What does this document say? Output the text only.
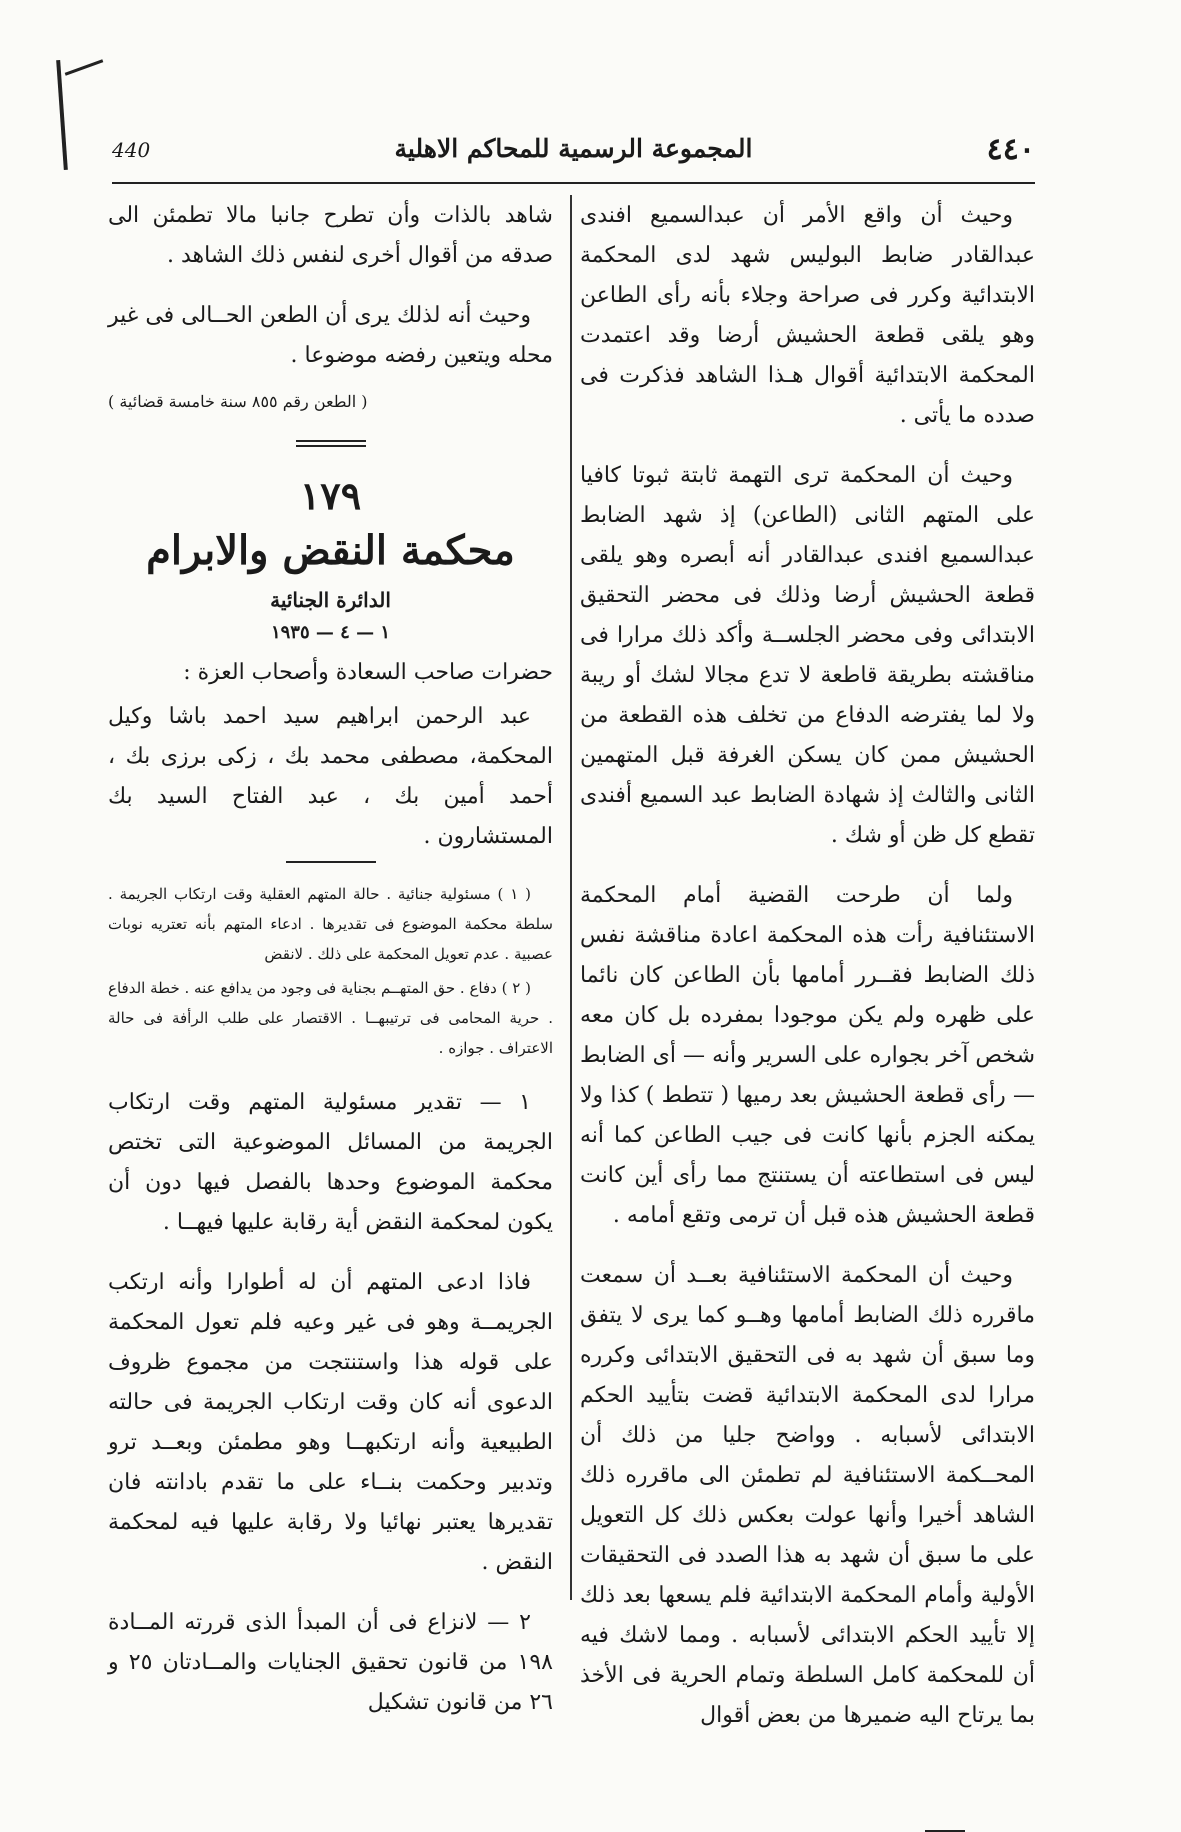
٤٤٠
المجموعة الرسمية للمحاكم الاهلية
440

وحيث أن واقع الأمر أن عبدالسميع افندى عبدالقادر ضابط البوليس شهد لدى المحكمة الابتدائية وكرر فى صراحة وجلاء بأنه رأى الطاعن وهو يلقى قطعة الحشيش أرضا وقد اعتمدت المحكمة الابتدائية أقوال هـذا الشاهد فذكرت فى صدده ما يأتى .

وحيث أن المحكمة ترى التهمة ثابتة ثبوتا كافيا على المتهم الثانى (الطاعن) إذ شهد الضابط عبدالسميع افندى عبدالقادر أنه أبصره وهو يلقى قطعة الحشيش أرضا وذلك فى محضر التحقيق الابتدائى وفى محضر الجلســة وأكد ذلك مرارا فى مناقشته بطريقة قاطعة لا تدع مجالا لشك أو ريبة ولا لما يفترضه الدفاع من تخلف هذه القطعة من الحشيش ممن كان يسكن الغرفة قبل المتهمين الثانى والثالث إذ شهادة الضابط عبد السميع أفندى تقطع كل ظن أو شك .

ولما أن طرحت القضية أمام المحكمة الاستئنافية رأت هذه المحكمة اعادة مناقشة نفس ذلك الضابط فقــرر أمامها بأن الطاعن كان نائما على ظهره ولم يكن موجودا بمفرده بل كان معه شخص آخر بجواره على السرير وأنه — أى الضابط — رأى قطعة الحشيش بعد رميها ( تتطط ) كذا ولا يمكنه الجزم بأنها كانت فى جيب الطاعن كما أنه ليس فى استطاعته أن يستنتج مما رأى أين كانت قطعة الحشيش هذه قبل أن ترمى وتقع أمامه .

وحيث أن المحكمة الاستئنافية بعــد أن سمعت ماقرره ذلك الضابط أمامها وهــو كما يرى لا يتفق وما سبق أن شهد به فى التحقيق الابتدائى وكرره مرارا لدى المحكمة الابتدائية قضت بتأييد الحكم الابتدائى لأسبابه . وواضح جليا من ذلك أن المحــكمة الاستئنافية لم تطمئن الى ماقرره ذلك الشاهد أخيرا وأنها عولت بعكس ذلك كل التعويل على ما سبق أن شهد به هذا الصدد فى التحقيقات الأولية وأمام المحكمة الابتدائية فلم يسعها بعد ذلك إلا تأييد الحكم الابتدائى لأسبابه . ومما لاشك فيه أن للمحكمة كامل السلطة وتمام الحرية فى الأخذ بما يرتاح اليه ضميرها من بعض أقوال

شاهد بالذات وأن تطرح جانبا مالا تطمئن الى صدقه من أقوال أخرى لنفس ذلك الشاهد .

وحيث أنه لذلك يرى أن الطعن الحــالى فى غير محله ويتعين رفضه موضوعا .

( الطعن رقم ٨٥٥ سنة خامسة قضائية )
١٧٩
محكمة النقض والابرام
الدائرة الجنائية
١ — ٤ — ١٩٣٥

حضرات صاحب السعادة وأصحاب العزة :

عبد الرحمن ابراهيم سيد احمد باشا وكيل المحكمة، مصطفى محمد بك ، زكى برزى بك ، أحمد أمين بك ، عبد الفتاح السيد بك المستشارون .

( ١ ) مسئولية جنائية . حالة المتهم العقلية وقت ارتكاب الجريمة . سلطة محكمة الموضوع فى تقديرها . ادعاء المتهم بأنه تعتريه نوبات عصبية . عدم تعويل المحكمة على ذلك . لانقض

( ٢ ) دفاع . حق المتهــم بجناية فى وجود من يدافع عنه . خطة الدفاع . حرية المحامى فى ترتيبهــا . الاقتصار على طلب الرأفة فى حالة الاعتراف . جوازه .

١ — تقدير مسئولية المتهم وقت ارتكاب الجريمة من المسائل الموضوعية التى تختص محكمة الموضوع وحدها بالفصل فيها دون أن يكون لمحكمة النقض أية رقابة عليها فيهــا .

فاذا ادعى المتهم أن له أطوارا وأنه ارتكب الجريمــة وهو فى غير وعيه فلم تعول المحكمة على قوله هذا واستنتجت من مجموع ظروف الدعوى أنه كان وقت ارتكاب الجريمة فى حالته الطبيعية وأنه ارتكبهــا وهو مطمئن وبعــد ترو وتدبير وحكمت بنــاء على ما تقدم بادانته فان تقديرها يعتبر نهائيا ولا رقابة عليها فيه لمحكمة النقض .

٢ — لانزاع فى أن المبدأ الذى قررته المــادة ١٩٨ من قانون تحقيق الجنايات والمــادتان ٢٥ و ٢٦ من قانون تشكيل
